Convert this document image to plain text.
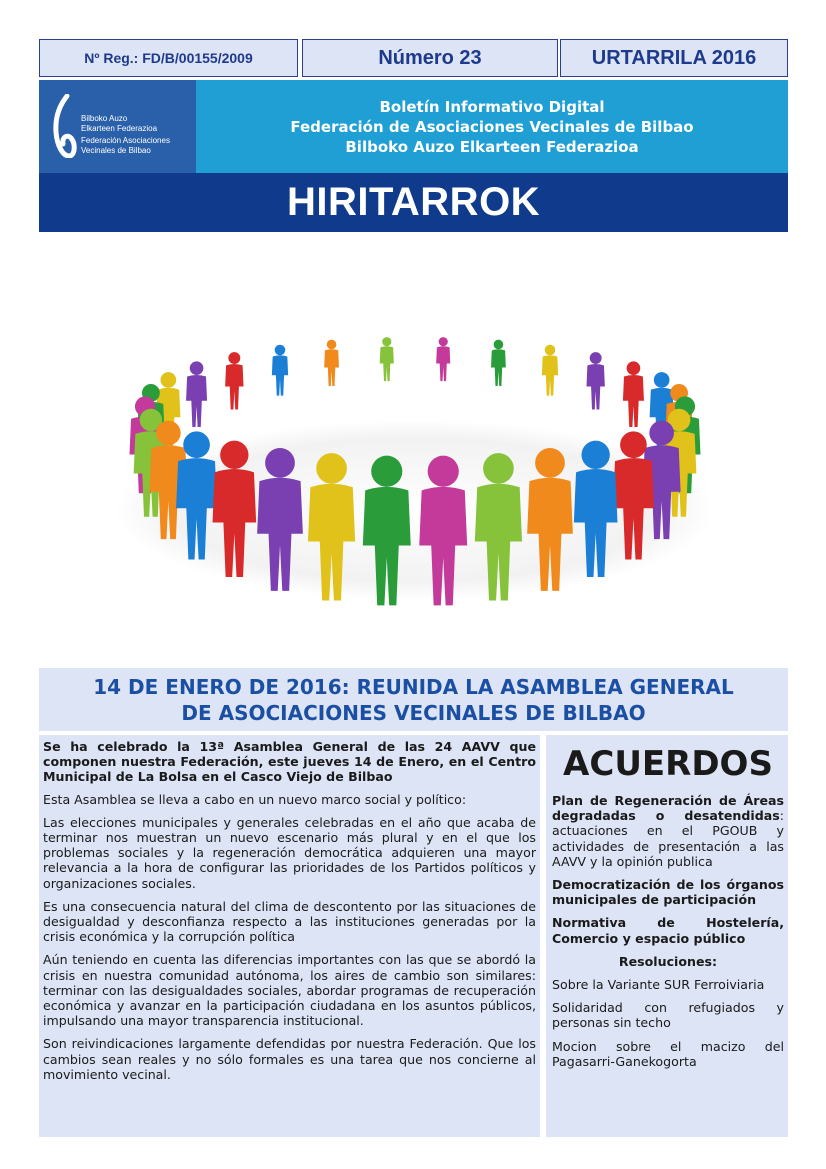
Nº Reg.: FD/B/00155/2009	Número 23	URTARRILA 2016
Bilboko Auzo
Elkarteen Federazioa
Federación Asociaciones
Vecinales de Bilbao
Boletín Informativo Digital
Federación de Asociaciones Vecinales de Bilbao
Bilboko Auzo Elkarteen Federazioa
HIRITARROK
14 DE ENERO DE 2016: REUNIDA LA ASAMBLEA GENERAL
DE ASOCIACIONES VECINALES DE BILBAO

Se ha celebrado la 13ª Asamblea General de las 24 AAVV que componen nuestra Federación, este jueves 14 de Enero, en el Centro Municipal de La Bolsa en el Casco Viejo de Bilbao

Esta Asamblea se lleva a cabo en un nuevo marco social y político:

Las elecciones municipales y generales celebradas en el año que acaba de terminar nos muestran un nuevo escenario más plural y en el que los problemas sociales y la regeneración democrática adquieren una mayor relevancia a la hora de configurar las prioridades de los Partidos políticos y organizaciones sociales.

Es una consecuencia natural del clima de descontento por las situaciones de desigualdad y desconfianza respecto a las instituciones generadas por la crisis económica y la corrupción política

Aún teniendo en cuenta las diferencias importantes con las que se abordó la crisis en nuestra comunidad autónoma, los aires de cambio son similares: terminar con las desigualdades sociales, abordar programas de recuperación económica y avanzar en la participación ciudadana en los asuntos públicos, impulsando una mayor transparencia institucional.

Son reivindicaciones largamente defendidas por nuestra Federación. Que los cambios sean reales y no sólo formales es una tarea que nos concierne al movimiento vecinal.

ACUERDOS

Plan de Regeneración de Áreas degradadas o desatendidas: actuaciones en el PGOUB y actividades de presentación a las AAVV y la opinión publica

Democratización de los órganos municipales de participación

Normativa de Hostelería, Comercio y espacio público

Resoluciones:

Sobre la Variante SUR Ferroiviaria

Solidaridad con refugiados y personas sin techo

Mocion sobre el macizo del Pagasarri-Ganekogorta
